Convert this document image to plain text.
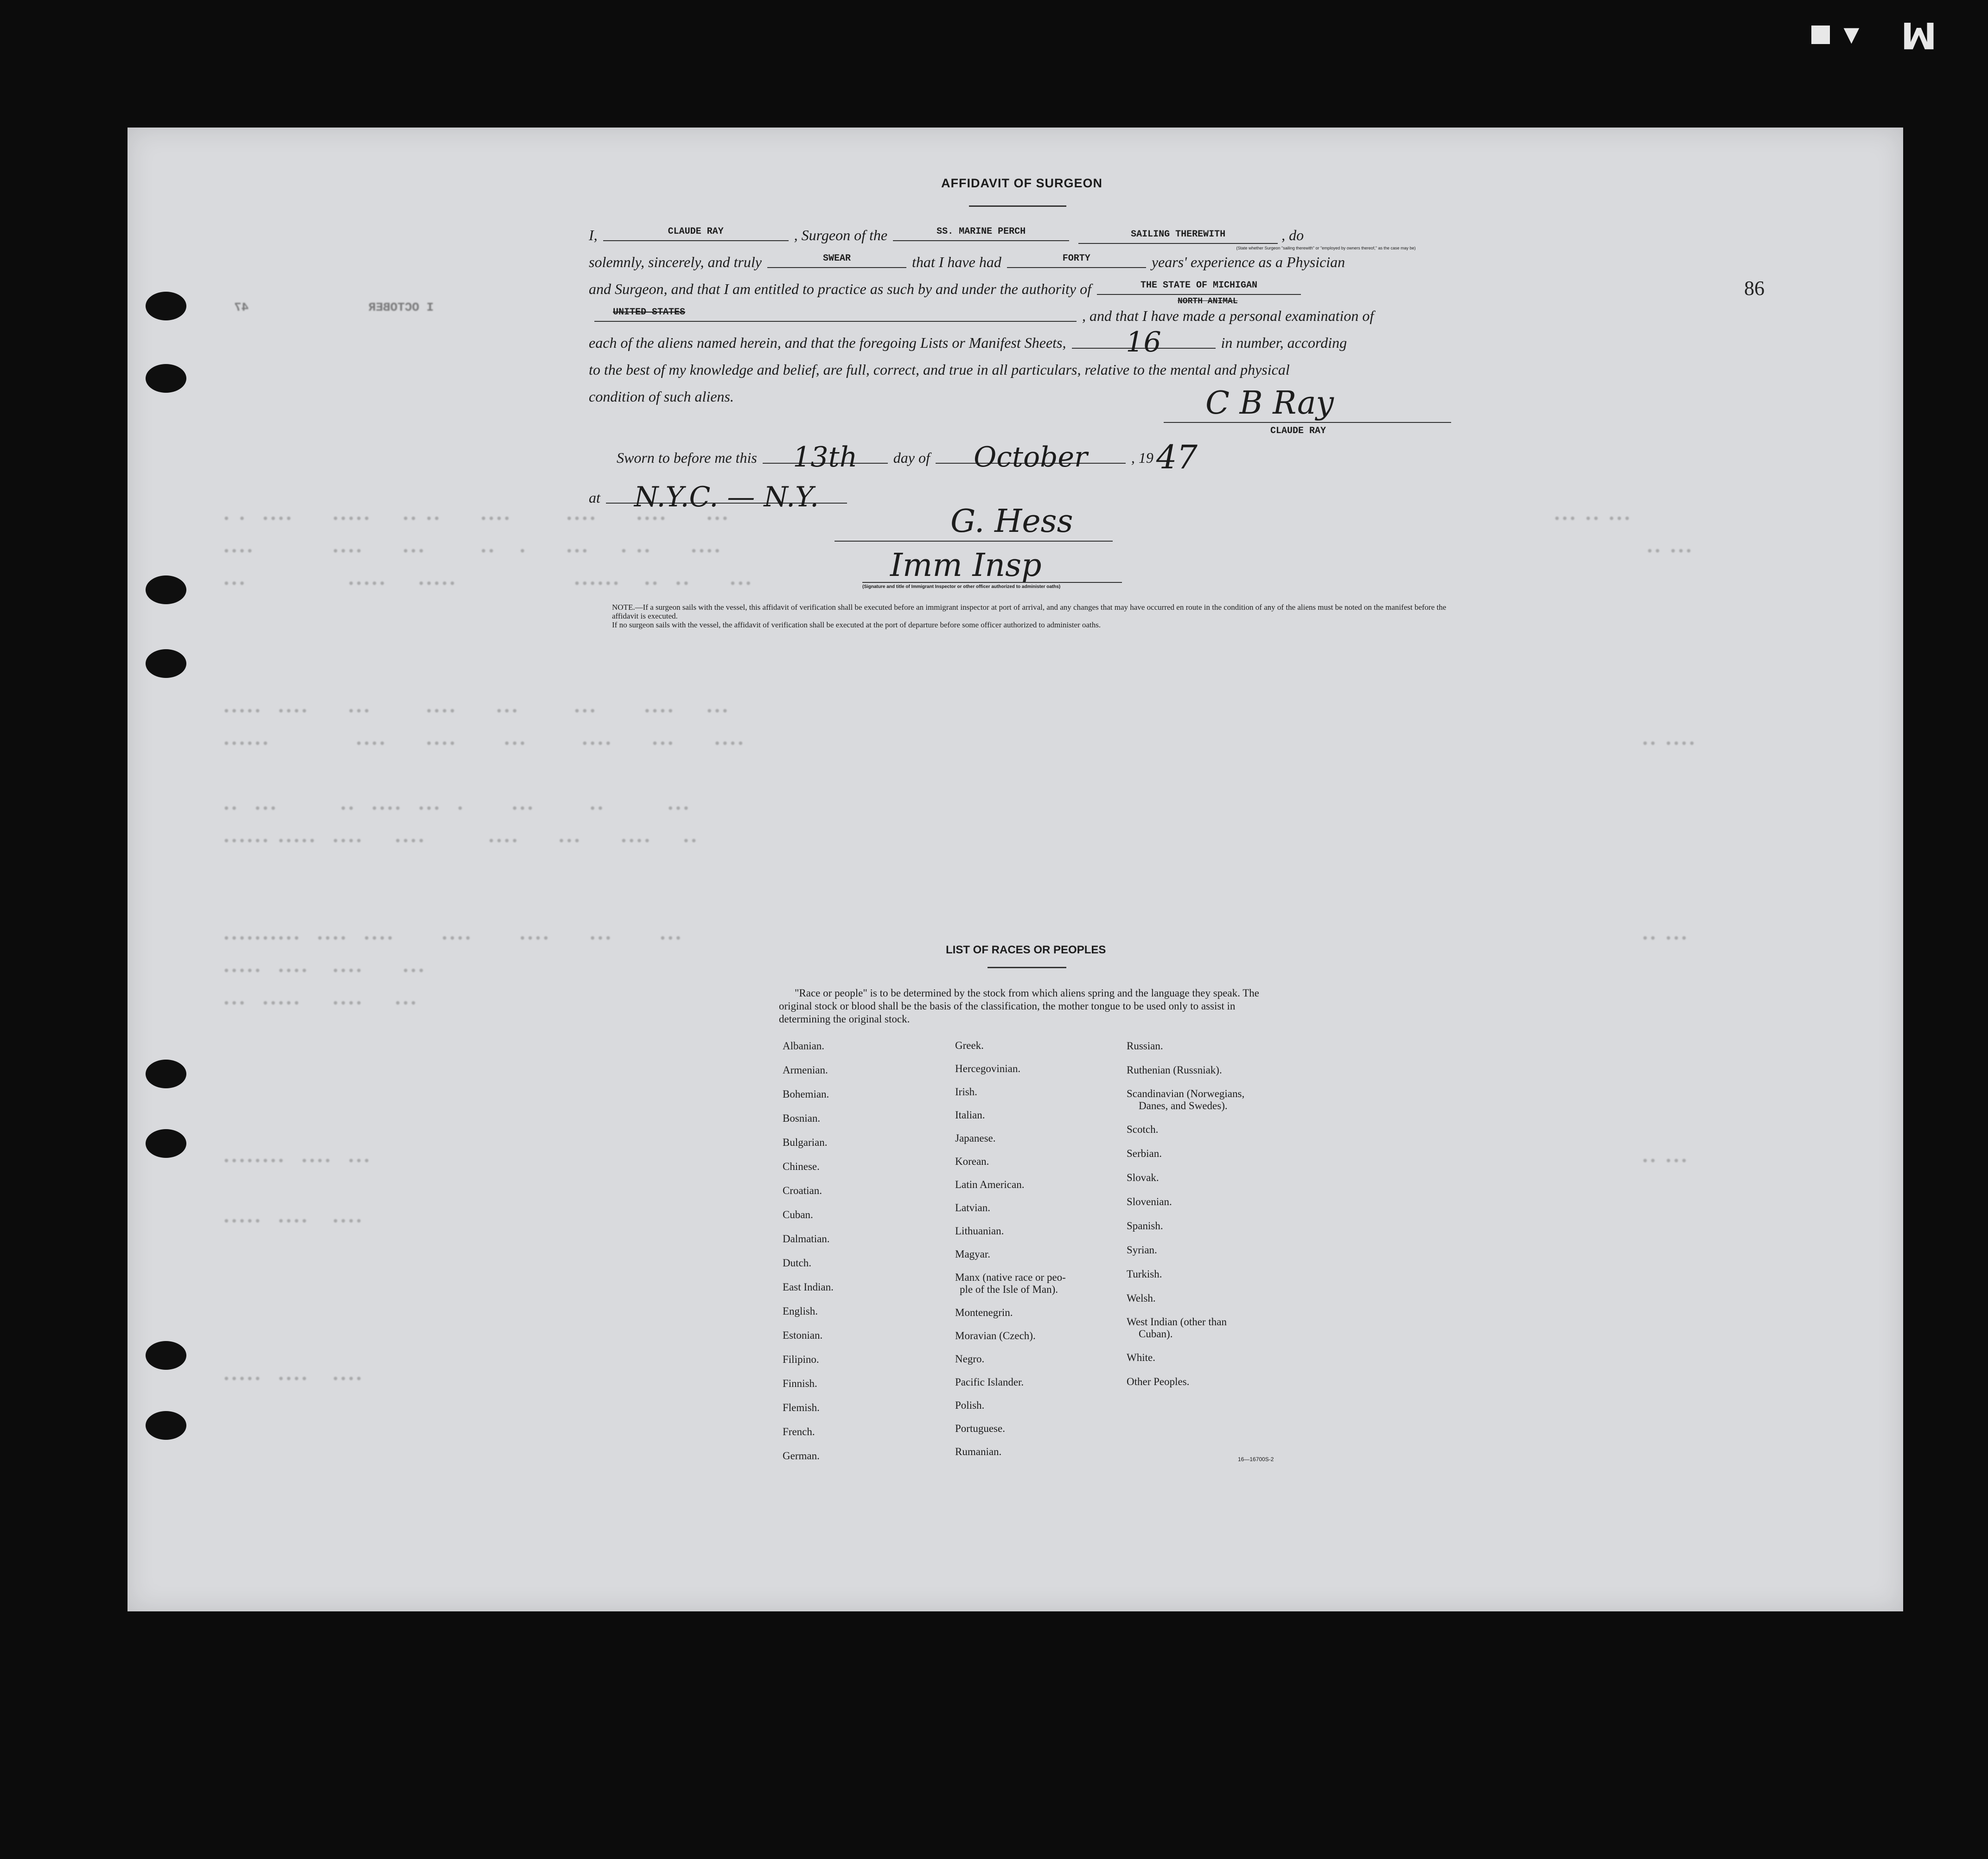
▼ M
I OCTOBER
47
• •  ••••     •••••    •• ••     ••••       ••••     ••••     •••
••••          ••••     •••       ••   •     •••    • ••     ••••
•••             •••••    •••••               ••••••   ••  ••     •••
•••••  ••••     •••       ••••     •••       •••      ••••    •••
••••••           ••••     ••••      •••       ••••     •••     ••••
••  •••        ••  ••••  •••  •      •••       ••        •••
•••••• •••••  ••••    ••••        ••••     •••     ••••    ••
••••••••••  ••••  ••••      ••••      ••••     •••      •••
•••••  ••••   ••••     •••
•••  •••••    ••••    •••
••••••••  ••••  •••
•••••  ••••   ••••
•••••  ••••   ••••
••• •• •••
•• •••
•• ••••
•• •••
•• •••
86
AFFIDAVIT OF SURGEON
I,	CLAUDE RAY	, Surgeon of the	SS. MARINE PERCH	SAILING THEREWITH	, do
(State whether Surgeon "sailing therewith" or "employed by owners thereof," as the case may be)
solemnly, sincerely, and truly	SWEAR	that I have had	FORTY	years' experience as a Physician
and Surgeon, and that I am entitled to practice as such by and under the authority of	THE STATE OF MICHIGAN
UNITED STATES	, and that I have made a personal examination of
NORTH ANIMAL
each of the aliens named herein, and that the foregoing Lists or Manifest Sheets,	16	in number, according
to the best of my knowledge and belief, are full, correct, and true in all particulars, relative to the mental and physical
condition of such aliens.	C B Ray
CLAUDE RAY
Sworn to before me this	13th	day of	October	, 19 47
at	N.Y.C. — N.Y.
G. Hess
Imm Insp
(Signature and title of Immigrant Inspector or other officer authorized to administer oaths)
NOTE.—If a surgeon sails with the vessel, this affidavit of verification shall be executed before an immigrant inspector at port of arrival, and any changes that may have occurred en route in the condition of any of the aliens must be noted on the manifest before the affidavit is executed.
If no surgeon sails with the vessel, the affidavit of verification shall be executed at the port of departure before some officer authorized to administer oaths.
LIST OF RACES OR PEOPLES
"Race or people" is to be determined by the stock from which aliens spring and the language they speak. The original stock or blood shall be the basis of the classification, the mother tongue to be used only to assist in determining the original stock.
Albanian.
Armenian.
Bohemian.
Bosnian.
Bulgarian.
Chinese.
Croatian.
Cuban.
Dalmatian.
Dutch.
East Indian.
English.
Estonian.
Filipino.
Finnish.
Flemish.
French.
German.
Greek.
Hercegovinian.
Irish.
Italian.
Japanese.
Korean.
Latin American.
Latvian.
Lithuanian.
Magyar.
Manx (native race or peo-
ple of the Isle of Man).
Montenegrin.
Moravian (Czech).
Negro.
Pacific Islander.
Polish.
Portuguese.
Rumanian.
Russian.
Ruthenian (Russniak).
Scandinavian (Norwegians,
Danes, and Swedes).
Scotch.
Serbian.
Slovak.
Slovenian.
Spanish.
Syrian.
Turkish.
Welsh.
West Indian (other than
Cuban).
White.
Other Peoples.
16—16700S-2
